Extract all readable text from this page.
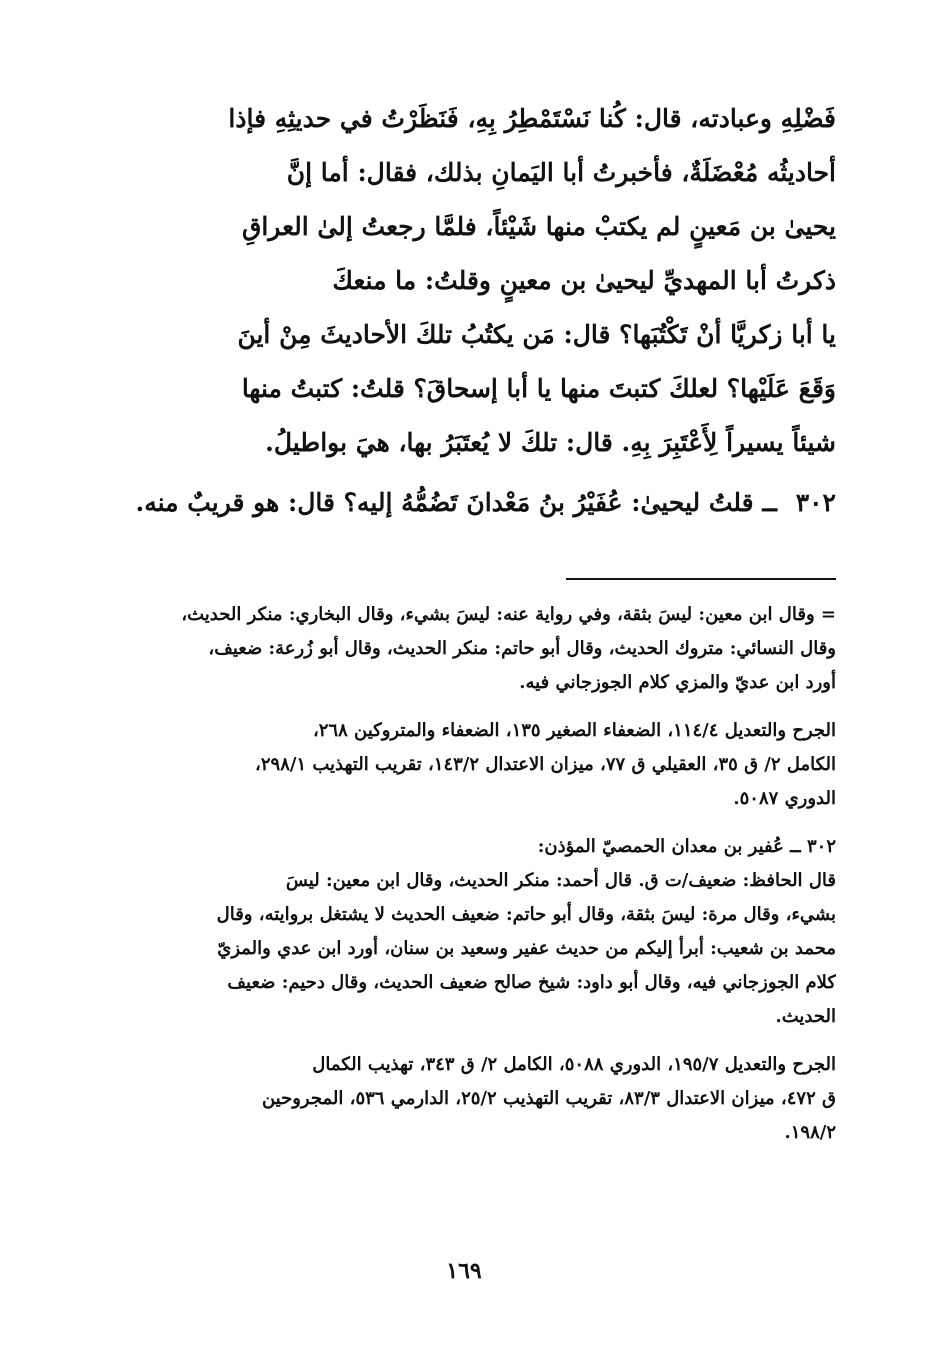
فَضْلِهِ وعبادته، قال: كُنا نَسْتَمْطِرُ بِهِ، فَنَظَرْتُ في حديثِهِ فإذا
أحاديثُه مُعْضَلَةٌ، فأخبرتُ أبا اليَمانِ بذلك، فقال: أما إنَّ
يحيىٰ بن مَعينٍ لم يكتبْ منها شَيْئاً، فلمَّا رجعتُ إلىٰ العراقِ
ذكرتُ أبا المهديِّ ليحيىٰ بن معينٍ وقلتُ: ما منعكَ
يا أبا زكريَّا أنْ تَكْتُبَها؟ قال: مَن يكتُبُ تلكَ الأحاديثَ مِنْ أينَ
وَقَعَ عَلَيْها؟ لعلكَ كتبتَ منها يا أبا إسحاقَ؟ قلتُ: كتبتُ منها
شيئاً يسيراً لِأَعْتَبِرَ بِهِ. قال: تلكَ لا يُعتَبَرُ بها، هيَ بواطيلُ.
٣٠٢ ــ قلتُ ليحيىٰ: عُفَيْرُ بنُ مَعْدانَ تَضُمُّهُ إليه؟ قال: هو قريبٌ منه.
= وقال ابن معين: ليسَ بثقة، وفي رواية عنه: ليسَ بشيء، وقال البخاري: منكر الحديث،
وقال النسائي: متروك الحديث، وقال أبو حاتم: منكر الحديث، وقال أبو زُرعة: ضعيف،
أورد ابن عديّ والمزي كلام الجوزجاني فيه.
الجرح والتعديل ١١٤/٤، الضعفاء الصغير ١٣٥، الضعفاء والمتروكين ٢٦٨،
الكامل ٢/ ق ٣٥، العقيلي ق ٧٧، ميزان الاعتدال ١٤٣/٢، تقريب التهذيب ٢٩٨/١،
الدوري ٥٠٨٧.
٣٠٢ ــ عُفير بن معدان الحمصيّ المؤذن:
قال الحافظ: ضعيف/ت ق. قال أحمد: منكر الحديث، وقال ابن معين: ليسَ
بشيء، وقال مرة: ليسَ بثقة، وقال أبو حاتم: ضعيف الحديث لا يشتغل بروايته، وقال
محمد بن شعيب: أبرأ إليكم من حديث عفير وسعيد بن سنان، أورد ابن عدي والمزيّ
كلام الجوزجاني فيه، وقال أبو داود: شيخ صالح ضعيف الحديث، وقال دحيم: ضعيف
الحديث.
الجرح والتعديل ١٩٥/٧، الدوري ٥٠٨٨، الكامل ٢/ ق ٣٤٣، تهذيب الكمال
ق ٤٧٢، ميزان الاعتدال ٨٣/٣، تقريب التهذيب ٢٥/٢، الدارمي ٥٣٦، المجروحين
١٩٨/٢.
١٦٩
